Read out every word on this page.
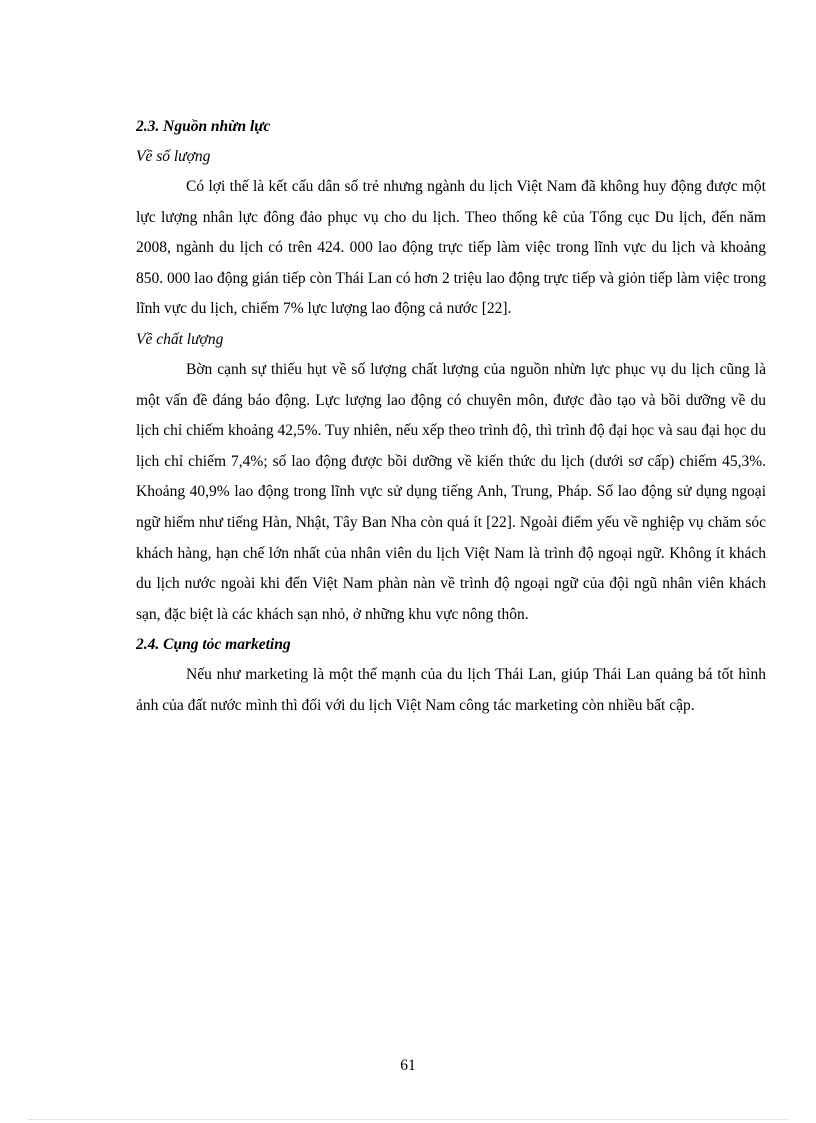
2.3. Nguồn nhừn lực

Về số lượng

Có lợi thế là kết cấu dân số trẻ nhưng ngành du lịch Việt Nam đã không huy động được một lực lượng nhân lực đông đảo phục vụ cho du lịch. Theo thống kê của Tổng cục Du lịch, đến năm 2008, ngành du lịch có trên 424. 000 lao động trực tiếp làm việc trong lĩnh vực du lịch và khoảng 850. 000 lao động gián tiếp còn Thái Lan có hơn 2 triệu lao động trực tiếp và giỏn tiếp làm việc trong lĩnh vực du lịch, chiếm 7% lực lượng lao động cả nước [22].

Về chất lượng

Bờn cạnh sự thiếu hụt về số lượng chất lượng của nguồn nhừn lực phục vụ du lịch cũng là một vấn đề đáng báo động. Lực lượng lao động có chuyên môn, được đào tạo và bồi dưỡng về du lịch chỉ chiếm khoảng 42,5%. Tuy nhiên, nếu xếp theo trình độ, thì trình độ đại học và sau đại học du lịch chỉ chiếm 7,4%; số lao động được bồi dưỡng về kiến thức du lịch (dưới sơ cấp) chiếm 45,3%. Khoảng 40,9% lao động trong lĩnh vực sử dụng tiếng Anh, Trung, Pháp. Số lao động sử dụng ngoại ngữ hiếm như tiếng Hàn, Nhật, Tây Ban Nha còn quá ít [22]. Ngoài điểm yếu về nghiệp vụ chăm sóc khách hàng, hạn chế lớn nhất của nhân viên du lịch Việt Nam là trình độ ngoại ngữ. Không ít khách du lịch nước ngoài khi đến Việt Nam phàn nàn về trình độ ngoại ngữ của đội ngũ nhân viên khách sạn, đặc biệt là các khách sạn nhỏ, ở những khu vực nông thôn.

2.4. Cụng tỏc marketing

Nếu như marketing là một thế mạnh của du lịch Thái Lan, giúp Thái Lan quảng bá tốt hình ảnh của đất nước mình thì đối với du lịch Việt Nam công tác marketing còn nhiều bất cập.

61
